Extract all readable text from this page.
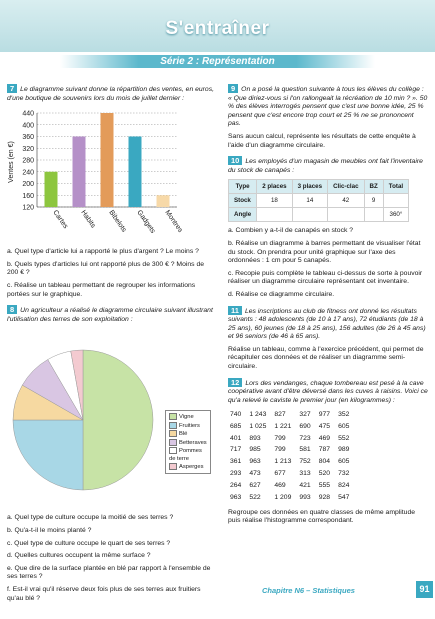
S'entraîner
Série 2 : Représentation

7 Le diagramme suivant donne la répartition des ventes, en euros, d'une boutique de souvenirs lors du mois de juillet dernier :

120
160
200
240
280
320
360
400
440
Ventes (en €)
Cartes Habits Bibelots Gadgets Montres

a. Quel type d'article lui a rapporté le plus d'argent ? Le moins ?

b. Quels types d'articles lui ont rapporté plus de 300 € ? Moins de 200 € ?

c. Réalise un tableau permettant de regrouper les informations portées sur le graphique.

8 Un agriculteur a réalisé le diagramme circulaire suivant illustrant l'utilisation des terres de son exploitation :

Vigne
Fruitiers
Blé
Betteraves
Pommes de terre
Asperges

a. Quel type de culture occupe la moitié de ses terres ?

b. Qu'a-t-il le moins planté ?

c. Quel type de culture occupe le quart de ses terres ?

d. Quelles cultures occupent la même surface ?

e. Que dire de la surface plantée en blé par rapport à l'ensemble de ses terres ?

f. Est-il vrai qu'il réserve deux fois plus de ses terres aux fruitiers qu'au blé ?

9 On a posé la question suivante à tous les élèves du collège : « Que diriez-vous si l'on rallongeait la récréation de 10 min ? ». 50 % des élèves interrogés pensent que c'est une bonne idée, 25 % pensent que c'est encore trop court et 25 % ne se prononcent pas.

Sans aucun calcul, représente les résultats de cette enquête à l'aide d'un diagramme circulaire.

10 Les employés d'un magasin de meubles ont fait l'inventaire du stock de canapés :

Type	2 places	3 places	Clic-clac	BZ	Total
Stock	18	14	42	9	
Angle					360°

a. Combien y a-t-il de canapés en stock ?

b. Réalise un diagramme à barres permettant de visualiser l'état du stock. On prendra pour unité graphique sur l'axe des ordonnées : 1 cm pour 5 canapés.

c. Recopie puis complète le tableau ci-dessus de sorte à pouvoir réaliser un diagramme circulaire représentant cet inventaire.

d. Réalise ce diagramme circulaire.

11 Les inscriptions au club de fitness ont donné les résultats suivants : 48 adolescents (de 10 à 17 ans), 72 étudiants (de 18 à 25 ans), 60 jeunes (de 18 à 25 ans), 156 adultes (de 26 à 45 ans) et 96 seniors (de 46 à 65 ans).

Réalise un tableau, comme à l'exercice précédent, qui permet de récapituler ces données et de réaliser un diagramme semi-circulaire.

12 Lors des vendanges, chaque tombereau est pesé à la cave coopérative avant d'être déversé dans les cuves à raisins. Voici ce qu'a relevé le caviste le premier jour (en kilogrammes) :

740	1 243	827	327	977	352
685	1 025	1 221	690	475	605
401	893	799	723	469	552
717	985	799	581	787	989
361	963	1 213	752	804	605
293	473	677	313	520	732
264	627	469	421	555	824
963	522	1 209	993	928	547

Regroupe ces données en quatre classes de même amplitude puis réalise l'histogramme correspondant.

Chapitre N6 – Statistiques	91
